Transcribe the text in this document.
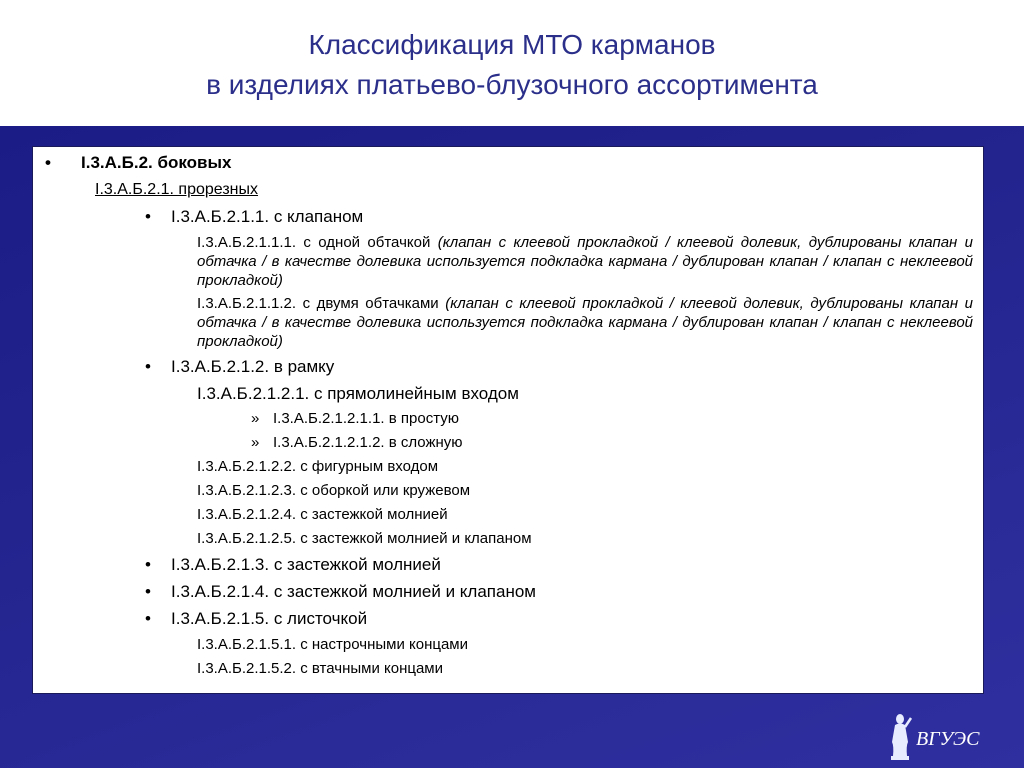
Классификация МТО карманов
в изделиях платьево-блузочного ассортимента
• I.3.А.Б.2. боковых
I.3.А.Б.2.1. прорезных
• I.3.А.Б.2.1.1. с клапаном
I.3.А.Б.2.1.1.1. с одной обтачкой (клапан с клеевой прокладкой / клеевой долевик, дублированы клапан и обтачка / в качестве долевика используется подкладка кармана / дублирован клапан / клапан с неклеевой прокладкой)
I.3.А.Б.2.1.1.2. с двумя обтачками (клапан с клеевой прокладкой / клеевой долевик, дублированы клапан и обтачка / в качестве долевика используется подкладка кармана / дублирован клапан / клапан с неклеевой прокладкой)
• I.3.А.Б.2.1.2. в рамку
I.3.А.Б.2.1.2.1. с прямолинейным входом
» I.3.А.Б.2.1.2.1.1. в простую
» I.3.А.Б.2.1.2.1.2. в сложную
I.3.А.Б.2.1.2.2. с фигурным входом
I.3.А.Б.2.1.2.3. с оборкой или кружевом
I.3.А.Б.2.1.2.4. с застежкой молнией
I.3.А.Б.2.1.2.5. с застежкой молнией и клапаном
• I.3.А.Б.2.1.3. с застежкой молнией
• I.3.А.Б.2.1.4. с застежкой молнией и клапаном
• I.3.А.Б.2.1.5. с листочкой
I.3.А.Б.2.1.5.1. с настрочными концами
I.3.А.Б.2.1.5.2. с втачными концами
ВГУЭС
